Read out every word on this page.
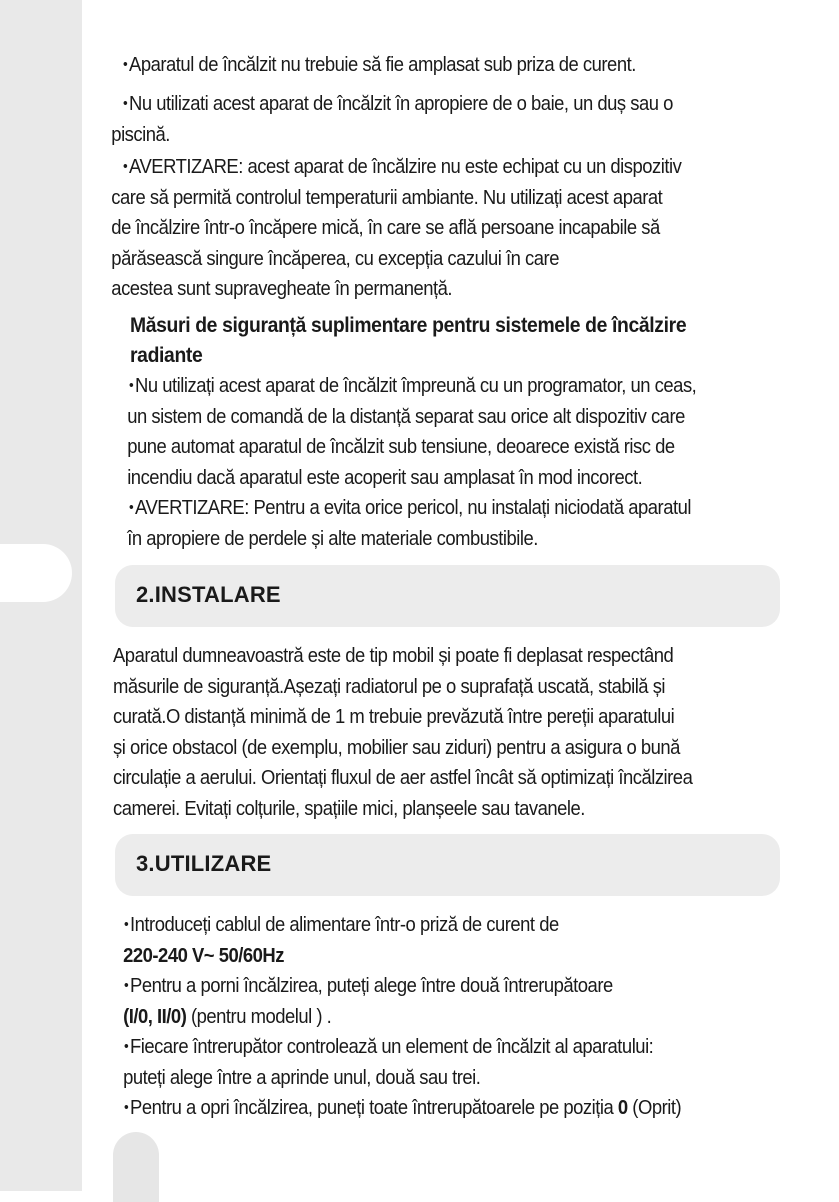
•Aparatul de încălzit nu trebuie să fie amplasat sub priza de curent.
•Nu utilizati acest aparat de încălzit în apropiere de o baie, un duș sau o
piscină.
•AVERTIZARE: acest aparat de încălzire nu este echipat cu un dispozitiv
care să permită controlul temperaturii ambiante. Nu utilizați acest aparat
de încălzire într-o încăpere mică, în care se află persoane incapabile să
părăsească singure încăperea, cu excepția cazului în care
acestea sunt supravegheate în permanență.
Măsuri de siguranță suplimentare pentru sistemele de încălzire
radiante
•Nu utilizați acest aparat de încălzit împreună cu un programator, un ceas,
un sistem de comandă de la distanță separat sau orice alt dispozitiv care
pune automat aparatul de încălzit sub tensiune, deoarece există risc de
incendiu dacă aparatul este acoperit sau amplasat în mod incorect.
•AVERTIZARE: Pentru a evita orice pericol, nu instalați niciodată aparatul
în apropiere de perdele și alte materiale combustibile.
2.INSTALARE
Aparatul dumneavoastră este de tip mobil și poate fi deplasat respectând
măsurile de siguranță.Așezați radiatorul pe o suprafață uscată, stabilă și
curată.O distanță minimă de 1 m trebuie prevăzută între pereții aparatului
și orice obstacol (de exemplu, mobilier sau ziduri) pentru a asigura o bună
circulație a aerului. Orientați fluxul de aer astfel încât să optimizați încălzirea
camerei. Evitați colțurile, spațiile mici, planșeele sau tavanele.
3.UTILIZARE
•Introduceți cablul de alimentare într-o priză de curent de
220-240 V~ 50/60Hz
•Pentru a porni încălzirea, puteți alege între două întrerupătoare
(I/0, II/0) (pentru modelul ) .
•Fiecare întrerupător controlează un element de încălzit al aparatului:
puteți alege între a aprinde unul, două sau trei.
•Pentru a opri încălzirea, puneți toate întrerupătoarele pe poziția 0 (Oprit)
